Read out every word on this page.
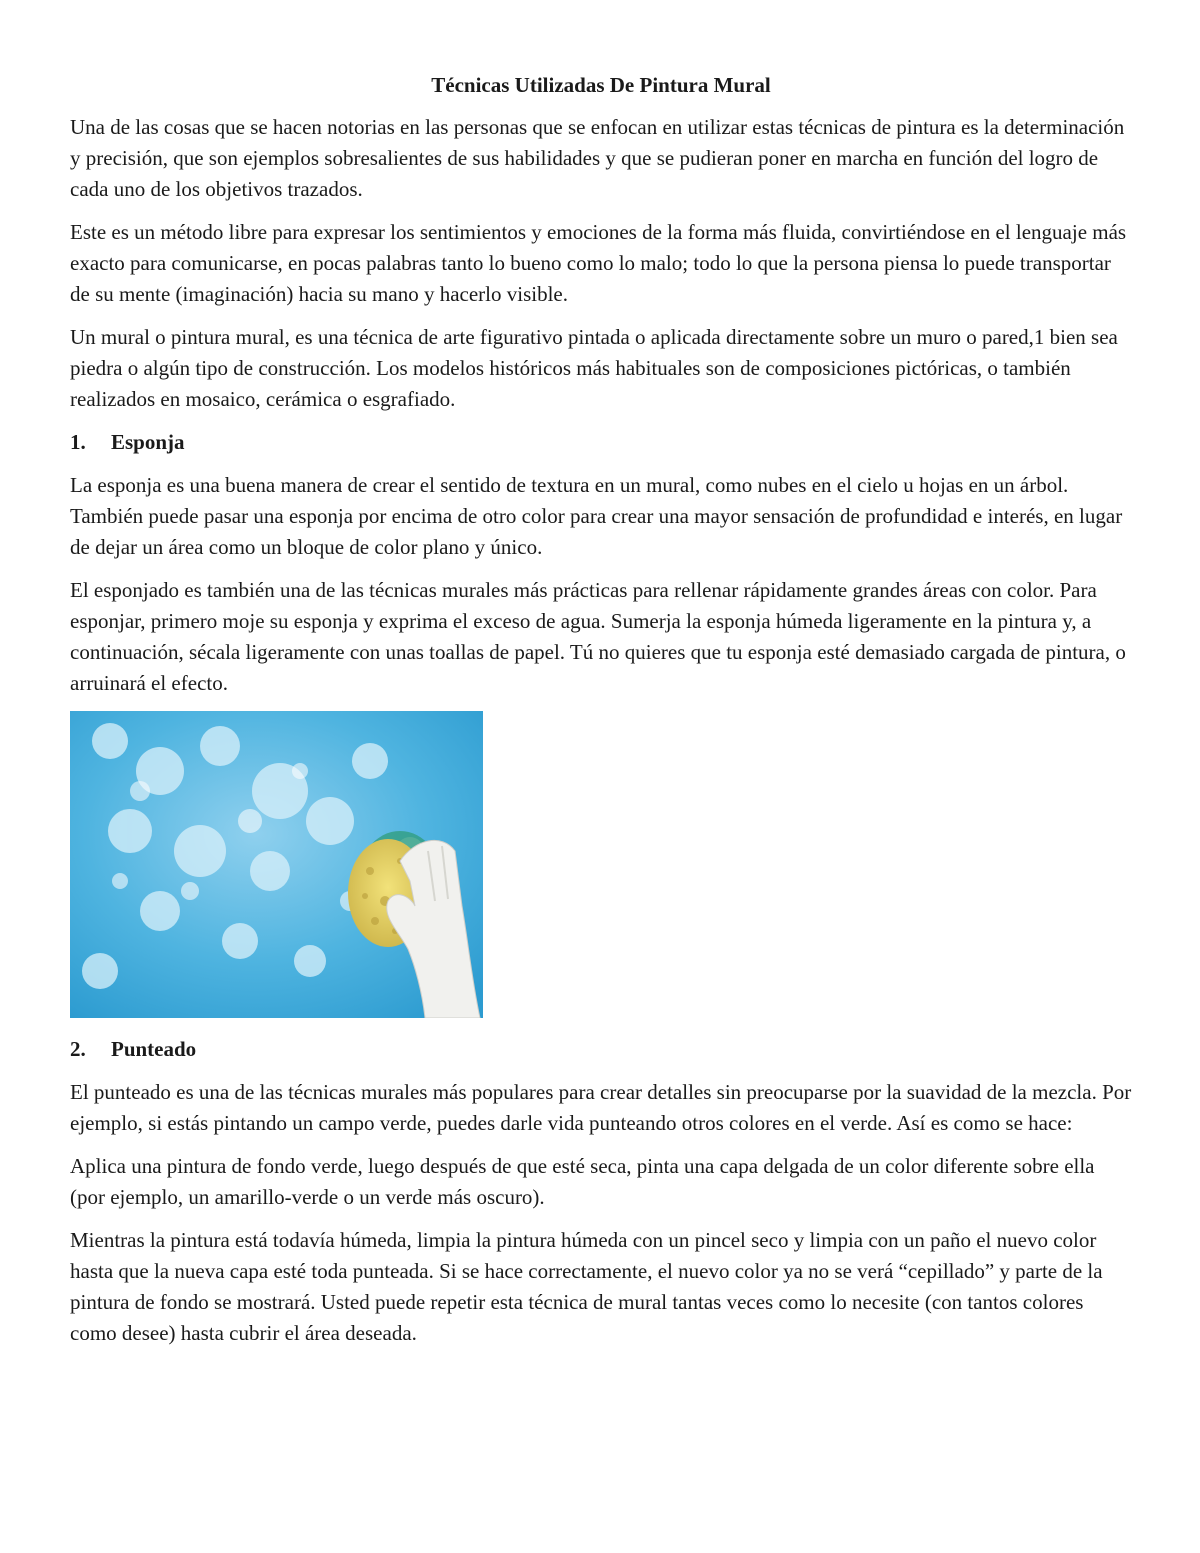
Técnicas Utilizadas De Pintura Mural

Una de las cosas que se hacen notorias en las personas que se enfocan en utilizar estas técnicas de pintura es la determinación y precisión, que son ejemplos sobresalientes de sus habilidades y que se pudieran poner en marcha en función del logro de cada uno de los objetivos trazados.

Este es un método libre para expresar los sentimientos y emociones de la forma más fluida, convirtiéndose en el lenguaje más exacto para comunicarse, en pocas palabras tanto lo bueno como lo malo; todo lo que la persona piensa lo puede transportar de su mente (imaginación) hacia su mano y hacerlo visible.

Un mural o pintura mural, es una técnica de arte figurativo pintada o aplicada directamente sobre un muro o pared,1 bien sea piedra o algún tipo de construcción. Los modelos históricos más habituales son de composiciones pictóricas, o también realizados en mosaico, cerámica o esgrafiado.

1.	Esponja

La esponja es una buena manera de crear el sentido de textura en un mural, como nubes en el cielo u hojas en un árbol. También puede pasar una esponja por encima de otro color para crear una mayor sensación de profundidad e interés, en lugar de dejar un área como un bloque de color plano y único.

El esponjado es también una de las técnicas murales más prácticas para rellenar rápidamente grandes áreas con color. Para esponjar, primero moje su esponja y exprima el exceso de agua. Sumerja la esponja húmeda ligeramente en la pintura y, a continuación, sécala ligeramente con unas toallas de papel. Tú no quieres que tu esponja esté demasiado cargada de pintura, o arruinará el efecto.

2.	Punteado

El punteado es una de las técnicas murales más populares para crear detalles sin preocuparse por la suavidad de la mezcla. Por ejemplo, si estás pintando un campo verde, puedes darle vida punteando otros colores en el verde. Así es como se hace:

Aplica una pintura de fondo verde, luego después de que esté seca, pinta una capa delgada de un color diferente sobre ella (por ejemplo, un amarillo-verde o un verde más oscuro).

Mientras la pintura está todavía húmeda, limpia la pintura húmeda con un pincel seco y limpia con un paño el nuevo color hasta que la nueva capa esté toda punteada. Si se hace correctamente, el nuevo color ya no se verá “cepillado” y parte de la pintura de fondo se mostrará. Usted puede repetir esta técnica de mural tantas veces como lo necesite (con tantos colores como desee) hasta cubrir el área deseada.
